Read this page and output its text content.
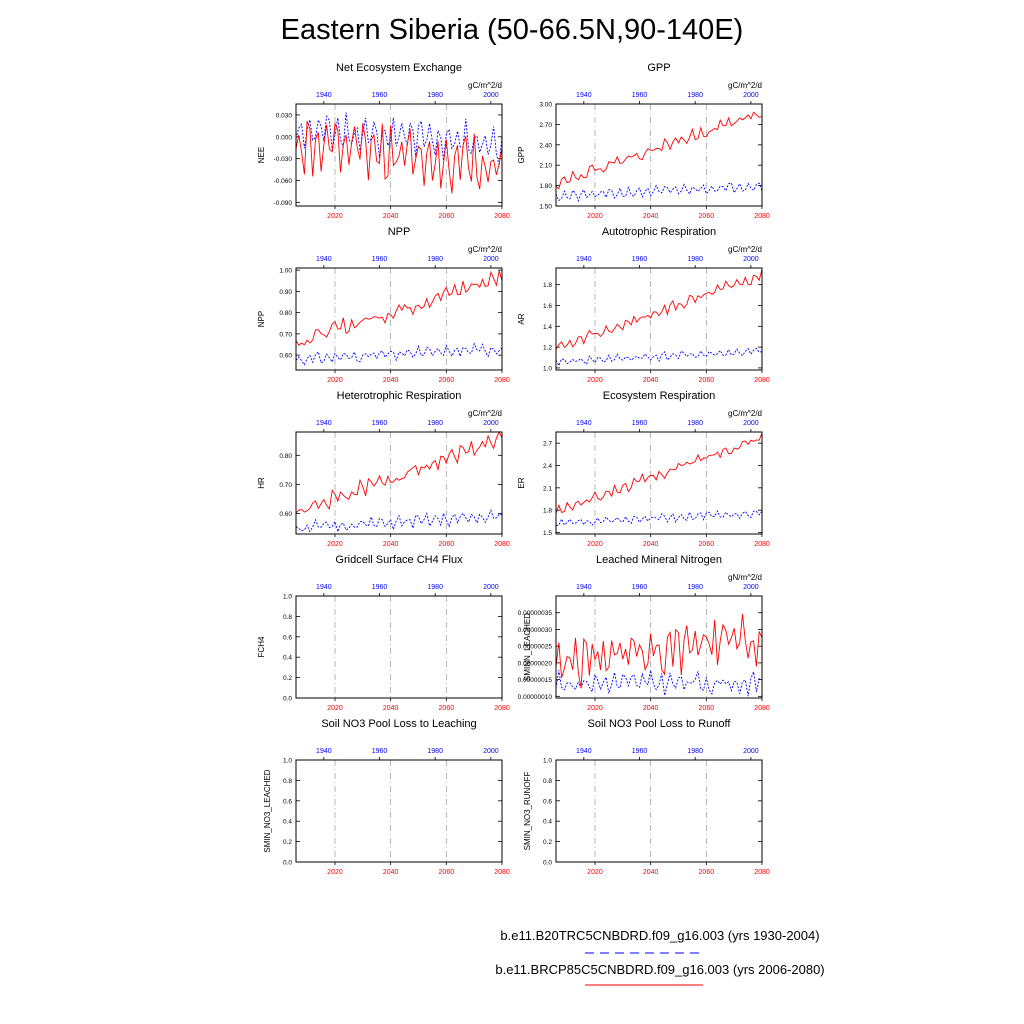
Eastern Siberia (50-66.5N,90-140E)
Net Ecosystem Exchange
gC/m^2/d
2020	2040	2060	2080
1940	1960	1980	2000
0.030
0.000
-0.030
-0.060
-0.090
NEE
GPP
gC/m^2/d
2020	2040	2060	2080
1940	1960	1980	2000
3.00
2.70
2.40
2.10
1.80
1.50
GPP
NPP
gC/m^2/d
2020	2040	2060	2080
1940	1960	1980	2000
1.00
0.90
0.80
0.70
0.60
NPP
Autotrophic Respiration
gC/m^2/d
2020	2040	2060	2080
1940	1960	1980	2000
1.8
1.6
1.4
1.2
1.0
AR
Heterotrophic Respiration
gC/m^2/d
2020	2040	2060	2080
1940	1960	1980	2000
0.80
0.70
0.60
HR
Ecosystem Respiration
gC/m^2/d
2020	2040	2060	2080
1940	1960	1980	2000
2.7
2.4
2.1
1.8
1.5
ER
Gridcell Surface CH4 Flux
2020	2040	2060	2080
1940	1960	1980	2000
1.0
0.8
0.6
0.4
0.2
0.0
FCH4
Leached Mineral Nitrogen
gN/m^2/d
2020	2040	2060	2080
1940	1960	1980	2000
0.00000035
0.00000030
0.00000025
0.00000020
0.00000015
0.00000010
SMINN_LEACHED
Soil NO3 Pool Loss to Leaching
2020	2040	2060	2080
1940	1960	1980	2000
1.0
0.8
0.6
0.4
0.2
0.0
SMIN_NO3_LEACHED
Soil NO3 Pool Loss to Runoff
2020	2040	2060	2080
1940	1960	1980	2000
1.0
0.8
0.6
0.4
0.2
0.0
SMIN_NO3_RUNOFF
b.e11.B20TRC5CNBDRD.f09_g16.003 (yrs 1930-2004)
b.e11.BRCP85C5CNBDRD.f09_g16.003 (yrs 2006-2080)
